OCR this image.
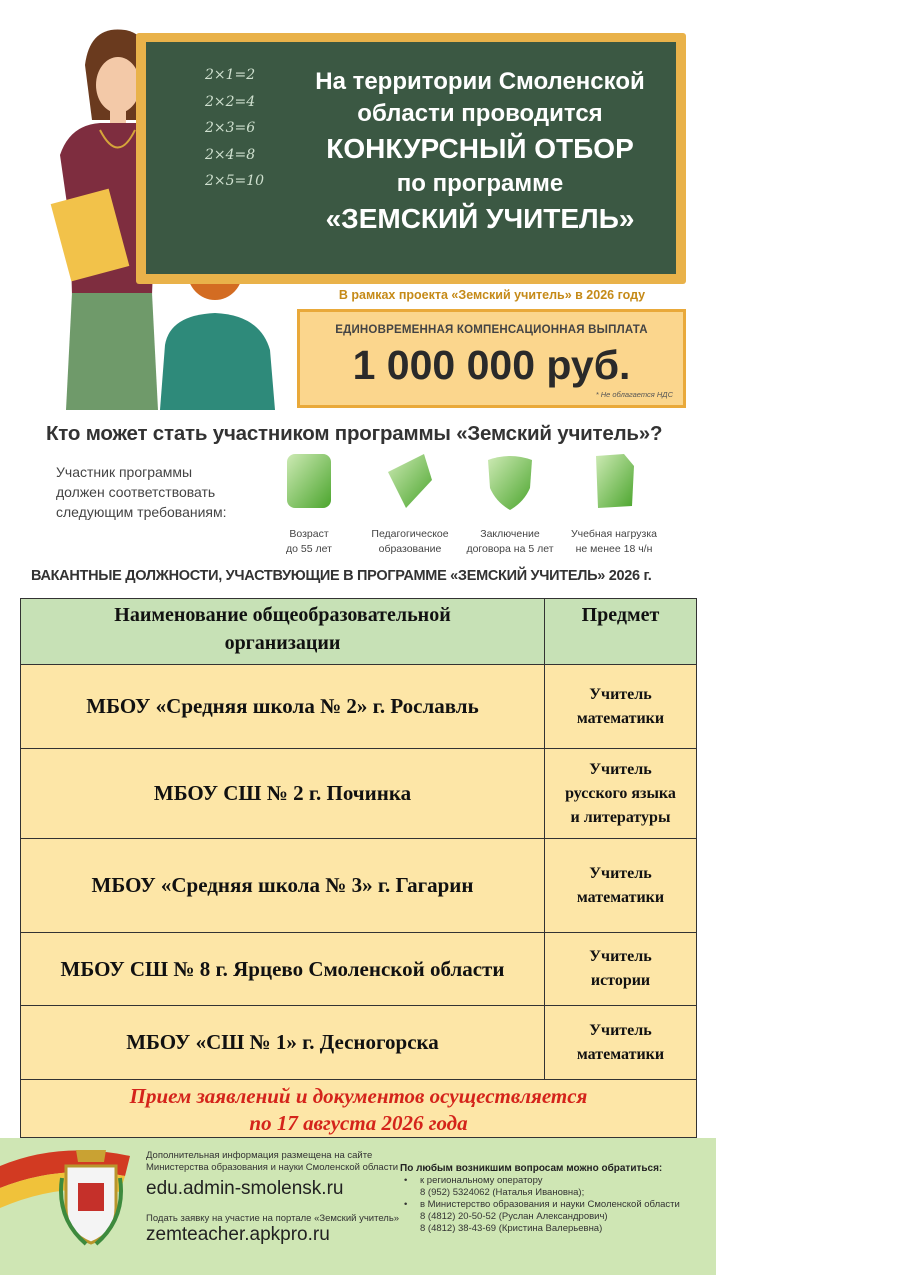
2×1=2
2×2=4
2×3=6
2×4=8
2×5=10
На территории Смоленской
области проводится
КОНКУРСНЫЙ ОТБОР
по программе
«ЗЕМСКИЙ УЧИТЕЛЬ»
В рамках проекта «Земский учитель» в 2026 году
ЕДИНОВРЕМЕННАЯ КОМПЕНСАЦИОННАЯ ВЫПЛАТА
1 000 000 руб.
* Не облагается НДС
Кто может стать участником программы «Земский учитель»?
Участник программы
должен соответствовать
следующим требованиям:
Возраст
до 55 лет
Педагогическое
образование
Заключение
договора на 5 лет
Учебная нагрузка
не менее 18 ч/н
ВАКАНТНЫЕ ДОЛЖНОСТИ, УЧАСТВУЮЩИЕ В ПРОГРАММЕ «ЗЕМСКИЙ УЧИТЕЛЬ» 2026 г.
Наименование общеобразовательной
организации	Предмет
МБОУ «Средняя школа № 2» г. Рославль	Учитель
математики

МБОУ СШ № 2 г. Починка	Учитель
русского языка
и литературы

МБОУ «Средняя школа № 3» г. Гагарин	Учитель
математики

МБОУ СШ № 8 г. Ярцево Смоленской области	Учитель
истории

МБОУ «СШ № 1» г. Десногорска	Учитель
математики
Прием заявлений и документов осуществляется
по 17 августа 2026 года
Дополнительная информация размещена на сайте
Министерства образования и науки Смоленской области
edu.admin-smolensk.ru
Подать заявку на участие на портале «Земский учитель»
zemteacher.apkpro.ru
По любым возникшим вопросам можно обратиться:
• к региональному оператору
8 (952) 5324062 (Наталья Ивановна);
• в Министерство образования и науки Смоленской области
8 (4812) 20-50-52 (Руслан Александрович)
8 (4812) 38-43-69 (Кристина Валерьевна)
